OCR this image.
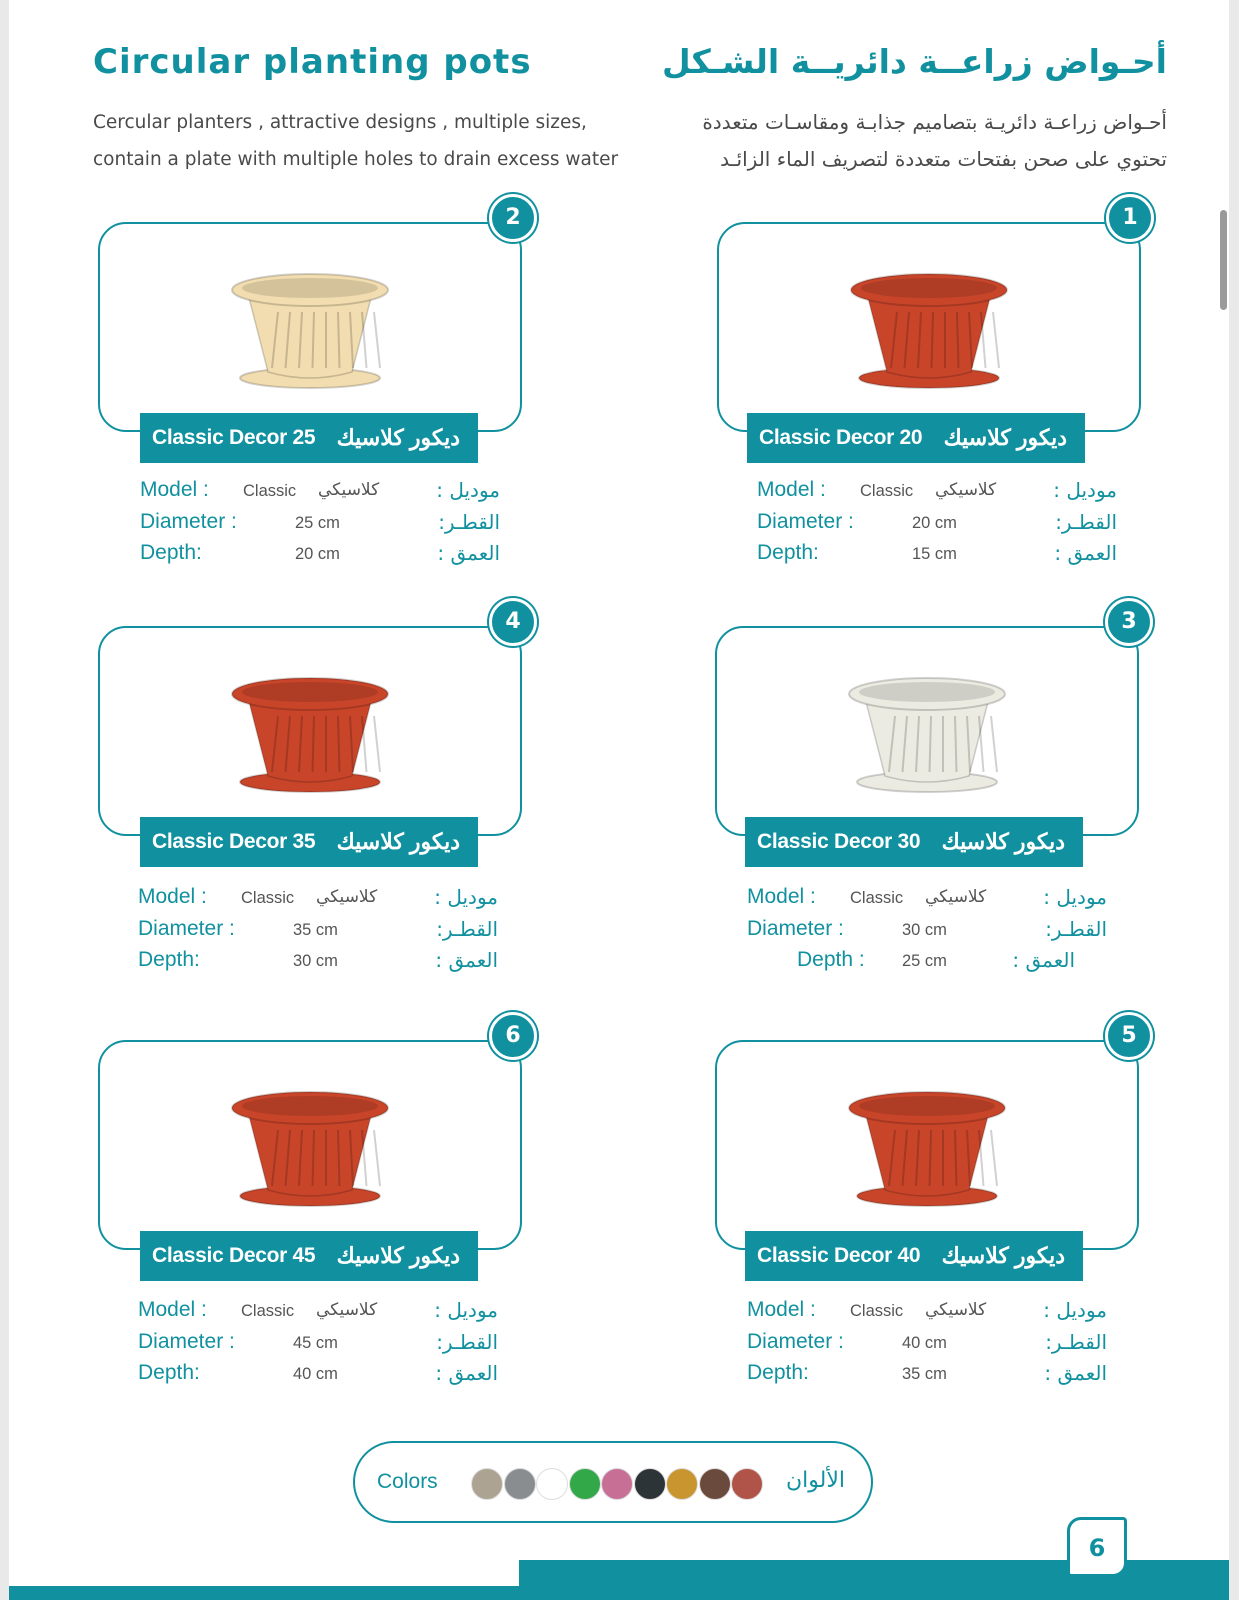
Circular planting pots	أحـواض زراعــة دائريــة الشـكل
Cercular planters , attractive designs , multiple sizes,
contain a plate with multiple holes to drain excess water
أحـواض زراعـة دائريـة بتصاميم جذابـة ومقاسـات متعددة
تحتوي على صحن بفتحات متعددة لتصريف الماء الزائـد
1
Classic Decor 20 ديكور كلاسيك
Model : Classic كلاسيكي	موديل :
Diameter :	20 cm	القطـر:
Depth:	15 cm	العمق :
2
Classic Decor 25 ديكور كلاسيك
Model : Classic كلاسيكي	موديل :
Diameter :	25 cm	القطـر:
Depth:	20 cm	العمق :
3
Classic Decor 30 ديكور كلاسيك
Model : Classic كلاسيكي	موديل :
Diameter :	30 cm	القطـر:
Depth : 25 cm	العمق :
4
Classic Decor 35 ديكور كلاسيك
Model : Classic كلاسيكي	موديل :
Diameter :	35 cm	القطـر:
Depth:	30 cm	العمق :
5
Classic Decor 40 ديكور كلاسيك
Model : Classic كلاسيكي	موديل :
Diameter :	40 cm	القطـر:
Depth:	35 cm	العمق :
6
Classic Decor 45 ديكور كلاسيك
Model : Classic كلاسيكي	موديل :
Diameter :	45 cm	القطـر:
Depth:	40 cm	العمق :
Colors	الألوان
6
